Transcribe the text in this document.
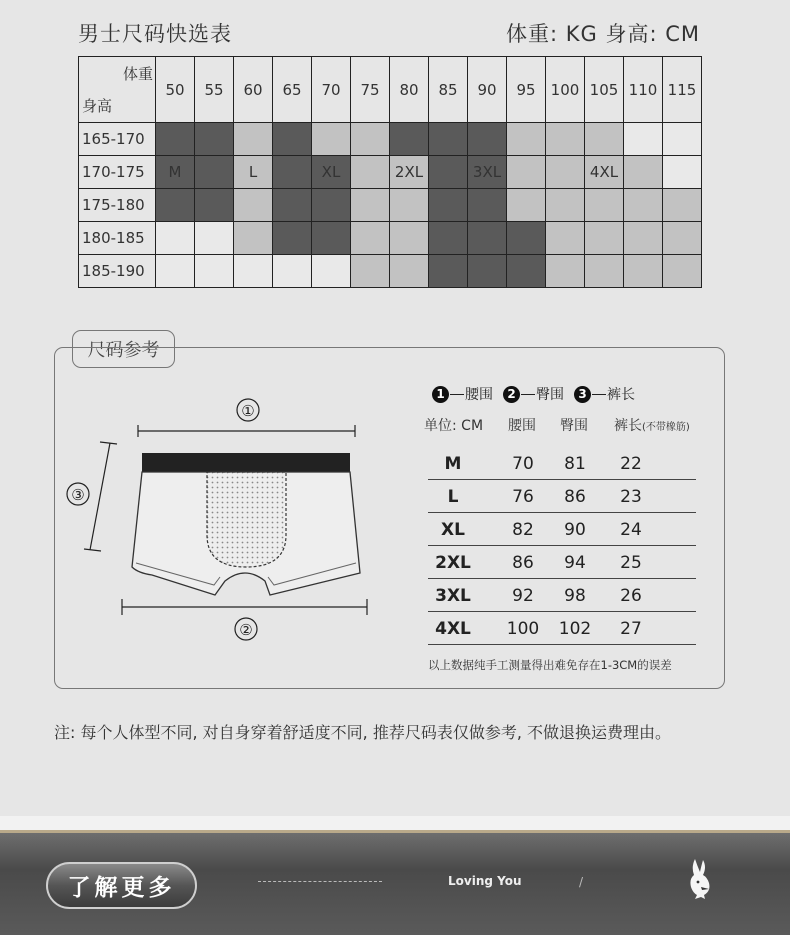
男士尺码快选表	体重: KG 身高: CM
体重
身高	50	55	60	65	70	75	80	85	90	95	100	105	110	115
165-170														
170-175	M		L		XL		2XL		3XL			4XL		
175-180														
180-185														
185-190														
尺码参考
①
③
②
1	腰围	2	臀围	3	裤长
单位: CM 腰围 臀围 裤长(不带橡筋)
M	70	81	22
L	76	86	23
XL	82	90	24
2XL	86	94	25
3XL	92	98	26
4XL	100	102	27
以上数据纯手工测量得出难免存在1-3CM的误差
注: 每个人体型不同, 对自身穿着舒适度不同, 推荐尺码表仅做参考, 不做退换运费理由。
了解更多	Loving You	/
